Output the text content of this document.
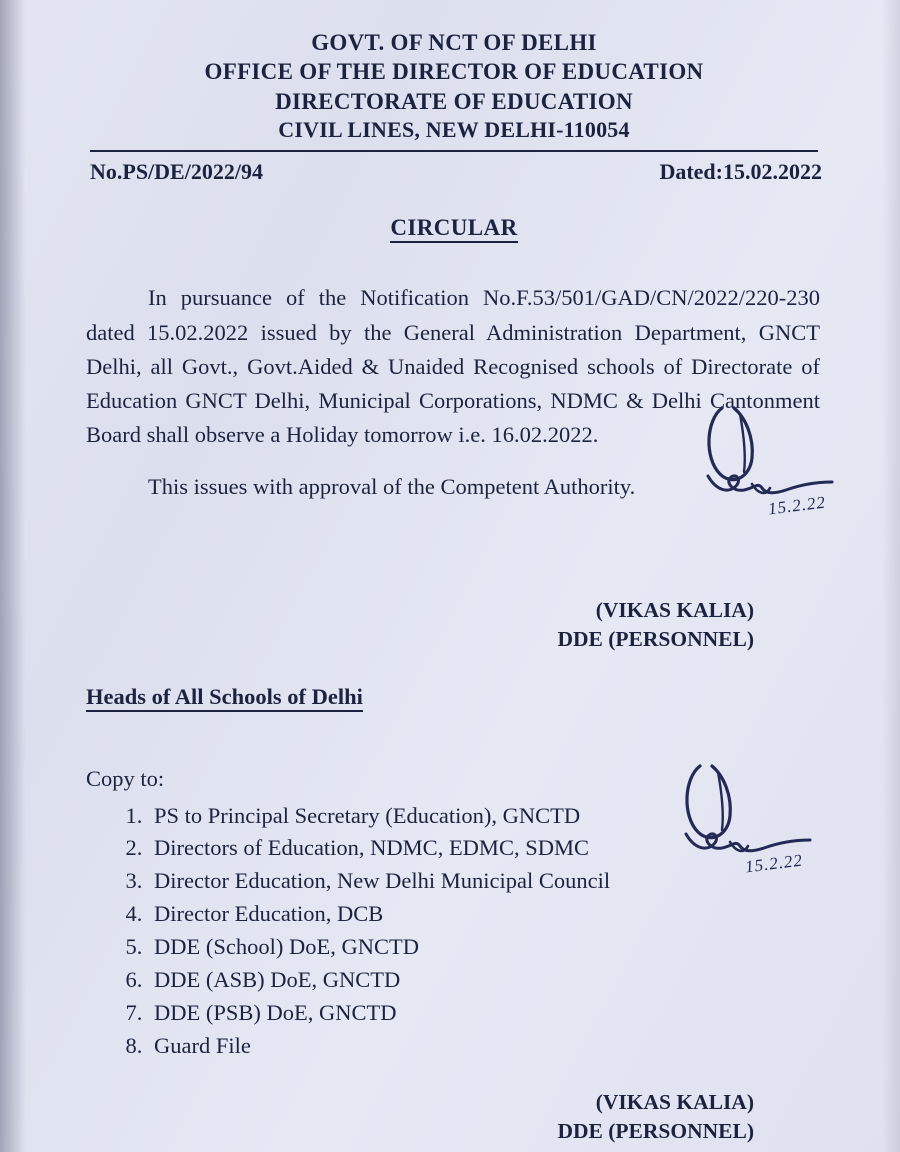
GOVT. OF NCT OF DELHI
OFFICE OF THE DIRECTOR OF EDUCATION
DIRECTORATE OF EDUCATION
CIVIL LINES, NEW DELHI-110054
No.PS/DE/2022/94	Dated:15.02.2022
CIRCULAR
In pursuance of the Notification No.F.53/501/GAD/CN/2022/220-230 dated 15.02.2022 issued by the General Administration Department, GNCT Delhi, all Govt., Govt.Aided & Unaided Recognised schools of Directorate of Education GNCT Delhi, Municipal Corporations, NDMC & Delhi Cantonment Board shall observe a Holiday tomorrow i.e. 16.02.2022.
This issues with approval of the Competent Authority.
(VIKAS KALIA)
DDE (PERSONNEL)
Heads of All Schools of Delhi
Copy to:
1. PS to Principal Secretary (Education), GNCTD
2. Directors of Education, NDMC, EDMC, SDMC
3. Director Education, New Delhi Municipal Council
4. Director Education, DCB
5. DDE (School) DoE, GNCTD
6. DDE (ASB) DoE, GNCTD
7. DDE (PSB) DoE, GNCTD
8. Guard File
(VIKAS KALIA)
DDE (PERSONNEL)
15.2.22
15.2.22
